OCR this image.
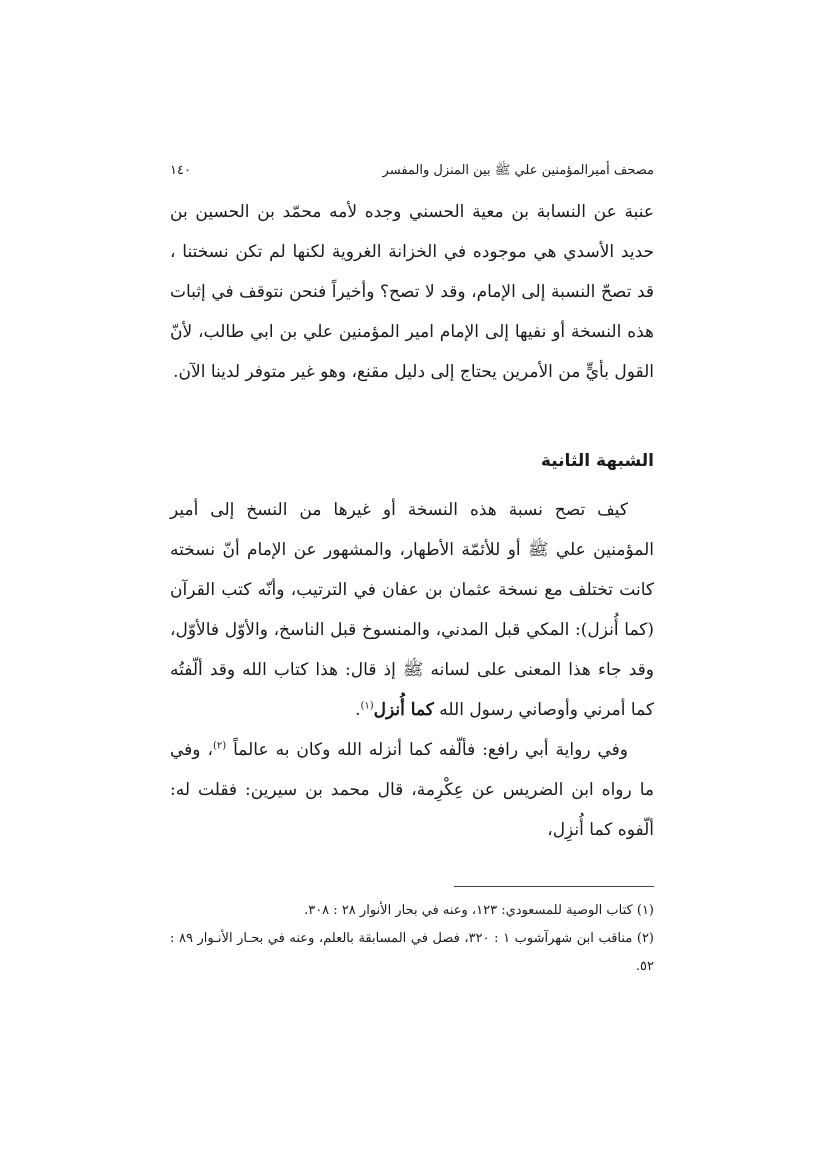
مصحف أميرالمؤمنين علي ﷺ بين المنزل والمفسر
١٤٠

عنبة عن النسابة بن معية الحسني وجده لأمه محمّد بن الحسين بن حديد الأسدي هي موجوده في الخزانة الغروية لكنها لم تكن نسختنا ، قد تصحّ النسبة إلى الإمام، وقد لا تصح؟ وأخيراً فنحن نتوقف في إثبات هذه النسخة أو نفيها إلى الإمام امير المؤمنين علي بن ابي طالب، لأنّ القول بأيٍّ من الأمرين يحتاج إلى دليل مقنع، وهو غير متوفر لدينا الآن.

الشبهة الثانية

كيف تصح نسبة هذه النسخة أو غيرها من النسخ إلى أمير المؤمنين علي ﷺ أو للأئمّة الأطهار، والمشهور عن الإمام أنّ نسخته كانت تختلف مع نسخة عثمان بن عفان في الترتيب، وأنّه كتب القرآن (كما أُنزل): المكي قبل المدني، والمنسوخ قبل الناسخ، والأوّل فالأوّل، وقد جاء هذا المعنى على لسانه ﷺ إذ قال: هذا كتاب الله وقد ألّفتُه كما أمرني وأوصاني رسول الله كما أُنزل$^{(١)}$.

وفي رواية أبي رافع: فألّفه كما أنزله الله وكان به عالماً $^{(٢)}$، وفي ما رواه ابن الضريس عن عِكْرِمة، قال محمد بن سيرين: فقلت له: ألّفوه كما أُنزِل،

(١) كتاب الوصية للمسعودي: ١٢٣، وعنه في بحار الأنوار ٢٨ : ٣٠٨.

(٢) مناقب ابن شهرآشوب ١ : ٣٢٠، فصل في المسابقة بالعلم، وعنه في بحـار الأنـوار ٨٩ : ٥٢.
